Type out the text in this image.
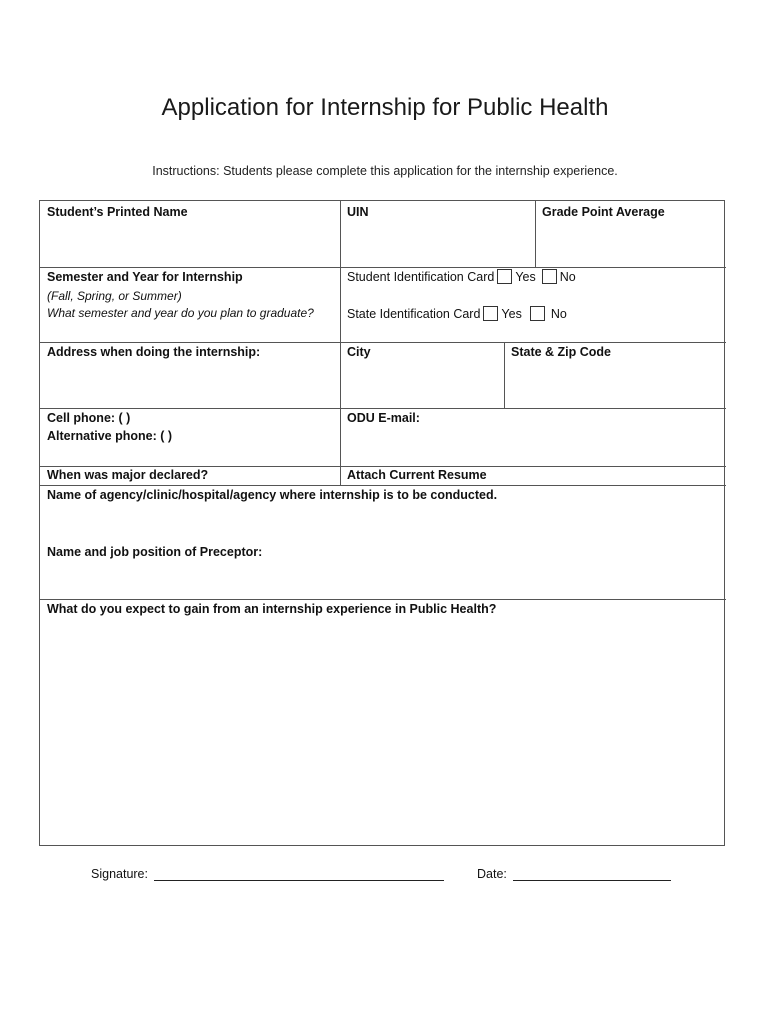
Application for Internship for Public Health
Instructions: Students please complete this application for the internship experience.
Student’s Printed Name	UIN	Grade Point Average
Semester and Year for Internship
(Fall, Spring, or Summer)
What semester and year do you plan to graduate?
Student Identification Card Yes No
State Identification Card Yes No
Address when doing the internship:	City	State & Zip Code
Cell phone: ( )
Alternative phone: ( )
ODU E-mail:
When was major declared?	Attach Current Resume
Name of agency/clinic/hospital/agency where internship is to be conducted.
Name and job position of Preceptor:
What do you expect to gain from an internship experience in Public Health?
Signature:	Date:
